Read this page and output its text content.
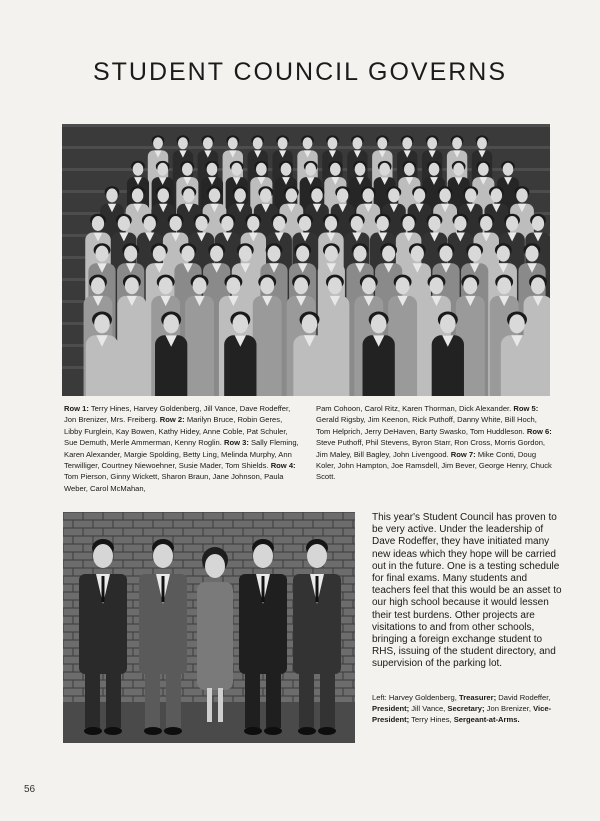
STUDENT COUNCIL GOVERNS
Row 1: Terry Hines, Harvey Goldenberg, Jill Vance, Dave Rodeffer, Jon Brenizer, Mrs. Freiberg. Row 2: Marilyn Bruce, Robin Geres, Libby Furglein, Kay Bowen, Kathy Hidey, Anne Coble, Pat Schuler, Sue Demuth, Merle Ammerman, Kenny Roglin. Row 3: Sally Fleming, Karen Alexander, Margie Spolding, Betty Ling, Melinda Murphy, Ann Terwilliger, Courtney Niewoehner, Susie Mader, Tom Shields. Row 4: Tom Pierson, Ginny Wickett, Sharon Braun, Jane Johnson, Paula Weber, Carol McMahan,
Pam Cohoon, Carol Ritz, Karen Thorman, Dick Alexander. Row 5: Gerald Rigsby, Jim Keenon, Rick Puthoff, Danny White, Bill Hoch, Tom Helprich, Jerry DeHaven, Barty Swasko, Tom Huddleson. Row 6: Steve Puthoff, Phil Stevens, Byron Starr, Ron Cross, Morris Gordon, Jim Maley, Bill Bagley, John Livengood. Row 7: Mike Conti, Doug Koler, John Hampton, Joe Ramsdell, Jim Bever, George Henry, Chuck Scott.
This year's Student Council has proven to be very active. Under the leadership of Dave Rodeffer, they have initiated many new ideas which they hope will be carried out in the future. One is a testing schedule for final exams. Many students and teachers feel that this would be an asset to our high school because it would lessen their test burdens. Other projects are visitations to and from other schools, bringing a foreign exchange student to RHS, issuing of the student directory, and supervision of the parking lot.
Left: Harvey Goldenberg, Treasurer; David Rodeffer, President; Jill Vance, Secretary; Jon Brenizer, Vice-President; Terry Hines, Sergeant-at-Arms.
56
